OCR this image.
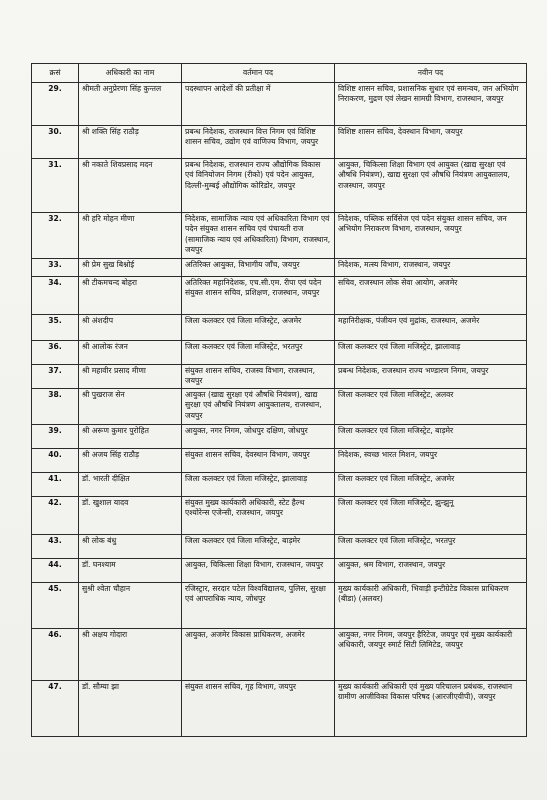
क्रसं	अधिकारी का नाम	वर्तमान पद	नवीन पद
29.	श्रीमती अनुप्रेरणा सिंह कुन्तल	पदस्थापन आदेशों की प्रतीक्षा में	विशिष्ट शासन सचिव, प्रशासनिक सुधार एवं समन्वय, जन अभियोग निराकरण, मुद्रण एवं लेखन सामग्री विभाग, राजस्थान, जयपुर
30.	श्री शक्ति सिंह राठौड़	प्रबन्ध निदेशक, राजस्थान वित्त निगम एवं विशिष्ट शासन सचिव, उद्योग एवं वाणिज्य विभाग, जयपुर	विशिष्ट शासन सचिव, देवस्थान विभाग, जयपुर
31.	श्री नकाते शिवप्रसाद मदन	प्रबन्ध निदेशक, राजस्थान राज्य औद्योगिक विकास एवं विनियोजन निगम (रीको) एवं पदेन आयुक्त, दिल्ली-मुम्बई औद्योगिक कोरिडोर, जयपुर	आयुक्त, चिकित्सा शिक्षा विभाग एवं आयुक्त (खाद्य सुरक्षा एवं औषधि नियंत्रण), खाद्य सुरक्षा एवं औषधि नियंत्रण आयुक्तालय, राजस्थान, जयपुर
32.	श्री हरि मोहन मीणा	निदेशक, सामाजिक न्याय एवं अधिकारिता विभाग एवं पदेन संयुक्त शासन सचिव एवं पंचायती राज (सामाजिक न्याय एवं अधिकारिता) विभाग, राजस्थान, जयपुर	निदेशक, पब्लिक सर्विसेज एवं पदेन संयुक्त शासन सचिव, जन अभियोग निराकरण विभाग, राजस्थान, जयपुर
33.	श्री प्रेम सुख बिश्नोई	अतिरिक्त आयुक्त, विभागीय जाँच, जयपुर	निदेशक, मत्स्य विभाग, राजस्थान, जयपुर
34.	श्री टीकमचन्द बोहरा	अतिरिक्त महानिदेशक, एच.सी.एम. रीपा एवं पदेन संयुक्त शासन सचिव, प्रशिक्षण, राजस्थान, जयपुर	सचिव, राजस्थान लोक सेवा आयोग, अजमेर
35.	श्री अंशदीप	जिला कलक्टर एवं जिला मजिस्ट्रेट, अजमेर	महानिरीक्षक, पंजीयन एवं मुद्रांक, राजस्थान, अजमेर
36.	श्री आलोक रंजन	जिला कलक्टर एवं जिला मजिस्ट्रेट, भरतपुर	जिला कलक्टर एवं जिला मजिस्ट्रेट, झालावाड़
37.	श्री महावीर प्रसाद मीणा	संयुक्त शासन सचिव, राजस्व विभाग, राजस्थान, जयपुर	प्रबन्ध निदेशक, राजस्थान राज्य भण्डारण निगम, जयपुर
38.	श्री पुखराज सेन	आयुक्त (खाद्य सुरक्षा एवं औषधि नियंत्रण), खाद्य सुरक्षा एवं औषधि नियंत्रण आयुक्तालय, राजस्थान, जयपुर	जिला कलक्टर एवं जिला मजिस्ट्रेट, अलवर
39.	श्री अरूण कुमार पुरोहित	आयुक्त, नगर निगम, जोधपुर दक्षिण, जोधपुर	जिला कलक्टर एवं जिला मजिस्ट्रेट, बाड़मेर
40.	श्री अजय सिंह राठौड़	संयुक्त शासन सचिव, देवस्थान विभाग, जयपुर	निदेशक, स्वच्छ भारत मिशन, जयपुर
41.	डॉ. भारती दीक्षित	जिला कलक्टर एवं जिला मजिस्ट्रेट, झालावाड़	जिला कलक्टर एवं जिला मजिस्ट्रेट, अजमेर
42.	डॉ. खुशाल यादव	संयुक्त मुख्य कार्यकारी अधिकारी, स्टेट हैल्थ एश्योरेन्स एजेन्सी, राजस्थान, जयपुर	जिला कलक्टर एवं जिला मजिस्ट्रेट, झुन्झुनू
43.	श्री लोक बंधु	जिला कलक्टर एवं जिला मजिस्ट्रेट, बाड़मेर	जिला कलक्टर एवं जिला मजिस्ट्रेट, भरतपुर
44.	डॉ. घनश्याम	आयुक्त, चिकित्सा शिक्षा विभाग, राजस्थान, जयपुर	आयुक्त, श्रम विभाग, राजस्थान, जयपुर
45.	सुश्री श्वेता चौहान	रजिस्ट्रार, सरदार पटेल विश्वविद्यालय, पुलिस, सुरक्षा एवं आपराधिक न्याय, जोधपुर	मुख्य कार्यकारी अधिकारी, भिवाड़ी इन्टीग्रेटेड विकास प्राधिकरण (बीडा) (अलवर)
46.	श्री अक्षय गोदारा	आयुक्त, अजमेर विकास प्राधिकरण, अजमेर	आयुक्त, नगर निगम, जयपुर हैरिटेज, जयपुर एवं मुख्य कार्यकारी अधिकारी, जयपुर स्मार्ट सिटी लिमिटेड, जयपुर
47.	डॉ. सौम्या झा	संयुक्त शासन सचिव, गृह विभाग, जयपुर	मुख्य कार्यकारी अधिकारी एवं मुख्य परिचालन प्रबंधक, राजस्थान ग्रामीण आजीविका विकास परिषद (आरजीएवीपी), जयपुर
